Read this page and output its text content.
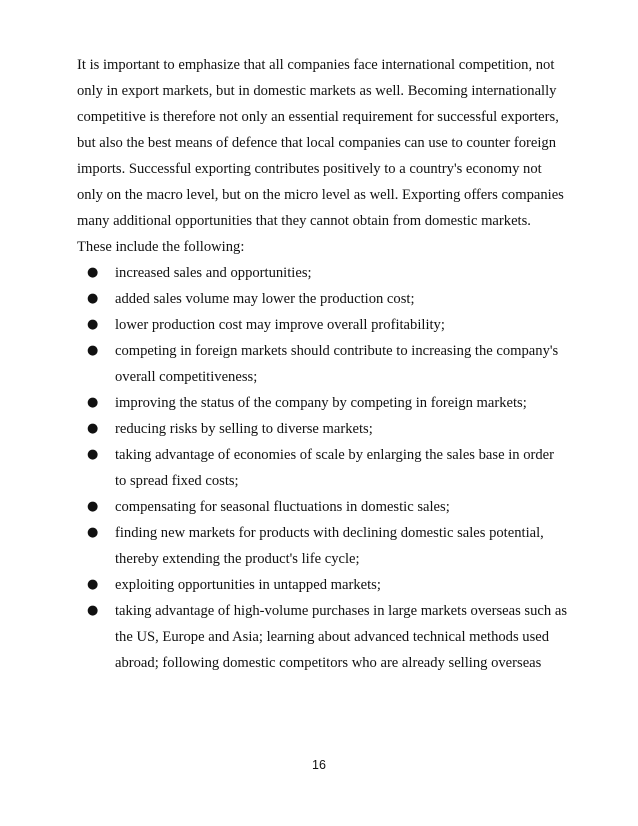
It is important to emphasize that all companies face international competition, not only in export markets, but in domestic markets as well. Becoming internationally competitive is therefore not only an essential requirement for successful exporters, but also the best means of defence that local companies can use to counter foreign imports. Successful exporting contributes positively to a country's economy not only on the macro level, but on the micro level as well. Exporting offers companies many additional opportunities that they cannot obtain from domestic markets. These include the following:

● increased sales and opportunities;
● added sales volume may lower the production cost;
● lower production cost may improve overall profitability;
● competing in foreign markets should contribute to increasing the company's overall competitiveness;
● improving the status of the company by competing in foreign markets;
● reducing risks by selling to diverse markets;
● taking advantage of economies of scale by enlarging the sales base in order to spread fixed costs;
● compensating for seasonal fluctuations in domestic sales;
● finding new markets for products with declining domestic sales potential, thereby extending the product's life cycle;
● exploiting opportunities in untapped markets;
● taking advantage of high-volume purchases in large markets overseas such as the US, Europe and Asia; learning about advanced technical methods used abroad; following domestic competitors who are already selling overseas
16
